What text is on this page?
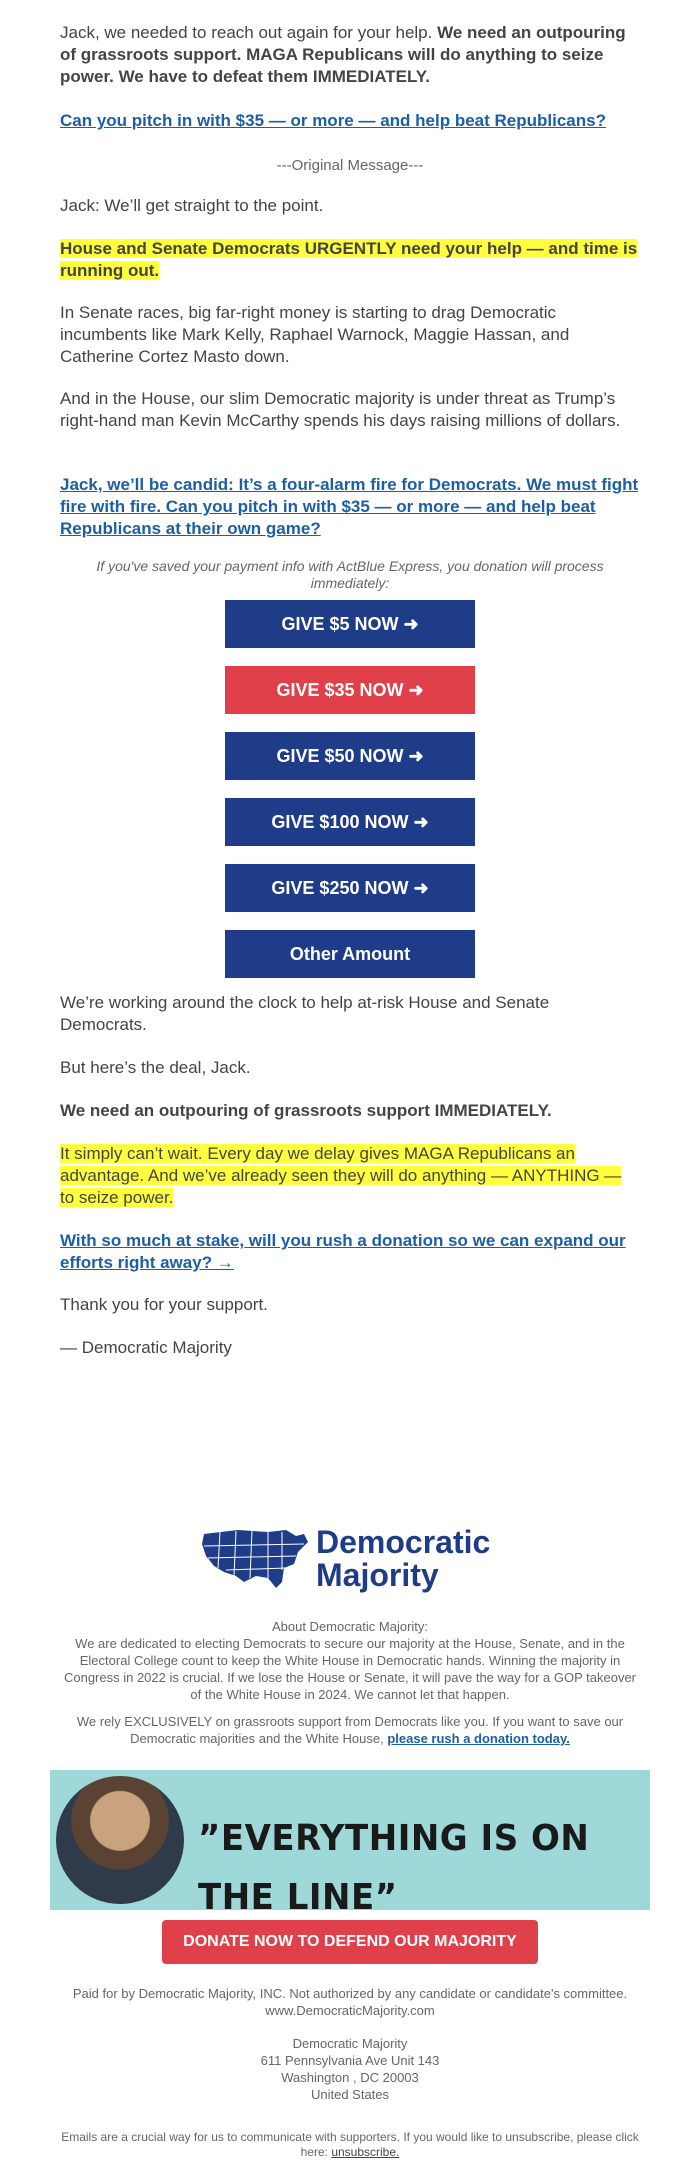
Jack, we needed to reach out again for your help. We need an outpouring of grassroots support. MAGA Republicans will do anything to seize power. We have to defeat them IMMEDIATELY.

Can you pitch in with $35 — or more — and help beat Republicans?

---Original Message---

Jack: We’ll get straight to the point.

House and Senate Democrats URGENTLY need your help — and time is running out.

In Senate races, big far-right money is starting to drag Democratic incumbents like Mark Kelly, Raphael Warnock, Maggie Hassan, and Catherine Cortez Masto down.

And in the House, our slim Democratic majority is under threat as Trump’s right-hand man Kevin McCarthy spends his days raising millions of dollars.

Jack, we’ll be candid: It’s a four-alarm fire for Democrats. We must fight fire with fire. Can you pitch in with $35 — or more — and help beat Republicans at their own game?

If you've saved your payment info with ActBlue Express, you donation will process immediately:

GIVE $5 NOW ➜
GIVE $35 NOW ➜
GIVE $50 NOW ➜
GIVE $100 NOW ➜
GIVE $250 NOW ➜
Other Amount

We’re working around the clock to help at-risk House and Senate Democrats.

But here’s the deal, Jack.

We need an outpouring of grassroots support IMMEDIATELY.

It simply can’t wait. Every day we delay gives MAGA Republicans an advantage. And we’ve already seen they will do anything — ANYTHING — to seize power.

With so much at stake, will you rush a donation so we can expand our efforts right away? →

Thank you for your support.

— Democratic Majority

Democratic
Majority

About Democratic Majority:

We are dedicated to electing Democrats to secure our majority at the House, Senate, and in the Electoral College count to keep the White House in Democratic hands. Winning the majority in Congress in 2022 is crucial. If we lose the House or Senate, it will pave the way for a GOP takeover of the White House in 2024. We cannot let that happen.

We rely EXCLUSIVELY on grassroots support from Democrats like you. If you want to save our Democratic majorities and the White House, please rush a donation today.

”EVERYTHING IS ON THE LINE”
DONATE NOW TO DEFEND OUR MAJORITY

Paid for by Democratic Majority, INC. Not authorized by any candidate or candidate's committee. www.DemocraticMajority.com

Democratic Majority
611 Pennsylvania Ave Unit 143
Washington , DC 20003
United States

Emails are a crucial way for us to communicate with supporters. If you would like to unsubscribe, please click here: unsubscribe.
